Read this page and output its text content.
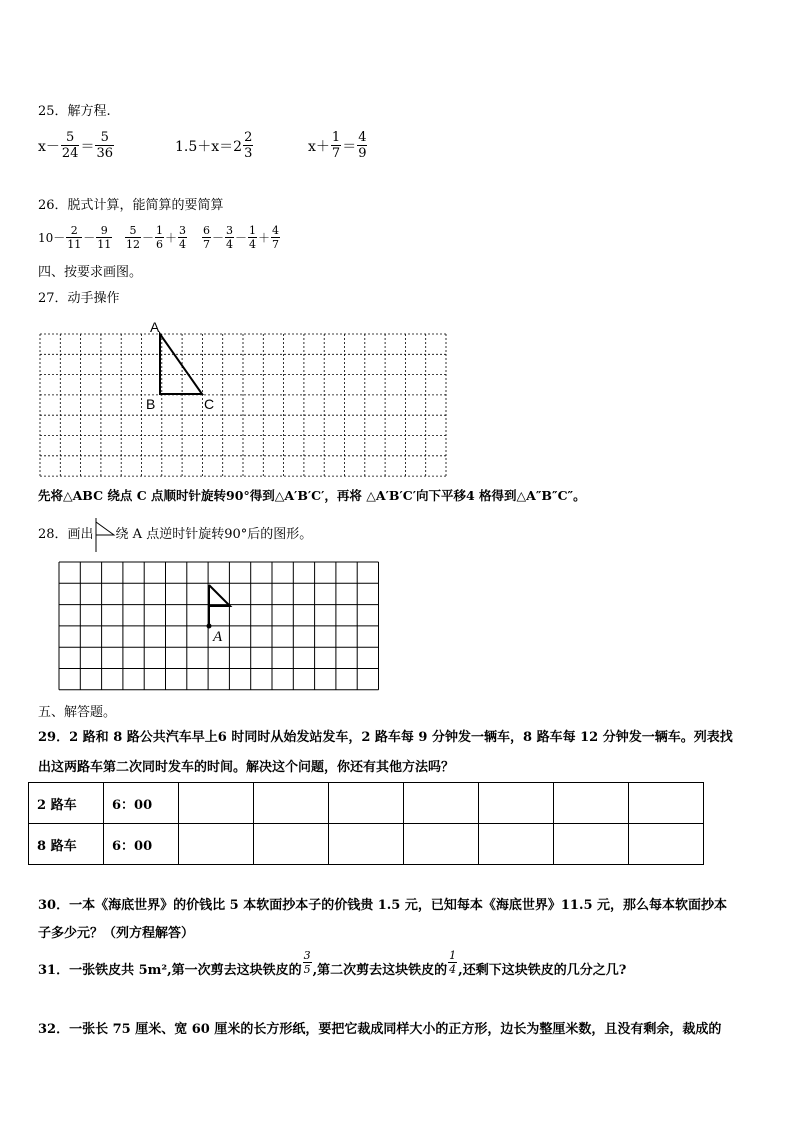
25．解方程.
$x- \frac{5}{24} = \frac{5}{36}$	$1.5+x=2 \frac{2}{3}$	$x+ \frac{1}{7} = \frac{4}{9}$
26．脱式计算，能简算的要简算
10－
2
11 －
9
11
5
12 －
1
6 ＋
3
4
6
7 －
3
4 －
1
4 ＋
4
7
四、按要求画图。
27．动手操作
A
B	C
先将△ABC 绕点 C 点顺时针旋转90°得到△A′B′C′，再将 △A′B′C′向下平移4 格得到△A″B″C″。
28．画出 绕 A 点逆时针旋转90°后的图形。
A
五、解答题。
29．2 路和 8 路公共汽车早上6 时同时从始发站发车，2 路车每 9 分钟发一辆车，8 路车每 12 分钟发一辆车。列表找
出这两路车第二次同时发车的时间。解决这个问题，你还有其他方法吗？
2 路车	6：00							
8 路车	6：00							
30．一本《海底世界》的价钱比 5 本软面抄本子的价钱贵 1.5 元，已知每本《海底世界》11.5 元，那么每本软面抄本
子多少元？（列方程解答）
31．一张铁皮共 5m²,第一次剪去这块铁皮的
3
5 ,第二次剪去这块铁皮的
1
4 ,还剩下这块铁皮的几分之几?
32．一张长 75 厘米、宽 60 厘米的长方形纸，要把它裁成同样大小的正方形，边长为整厘米数，且没有剩余，裁成的
